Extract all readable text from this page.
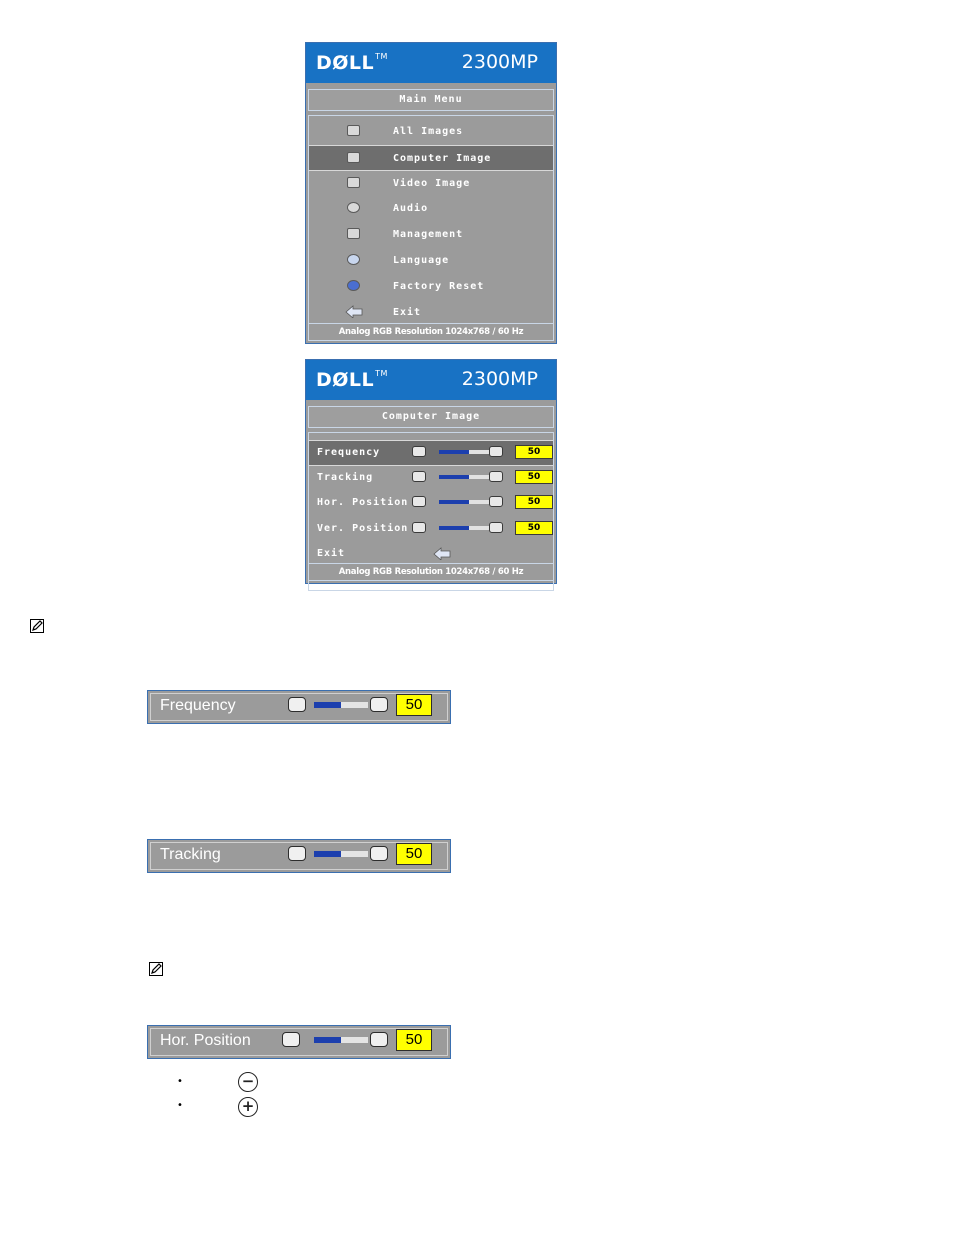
DØLL™	2300MP
Main Menu
All Images
Computer Image
Video Image
Audio
Management
Language
Factory Reset
Exit
Analog RGB Resolution 1024x768 / 60 Hz
DØLL™	2300MP
Computer Image
Frequency	50
Tracking	50
Hor. Position	50
Ver. Position	50
Exit
Analog RGB Resolution 1024x768 / 60 Hz
Frequency	50
Tracking	50
Hor. Position	50
•	−
•	+
